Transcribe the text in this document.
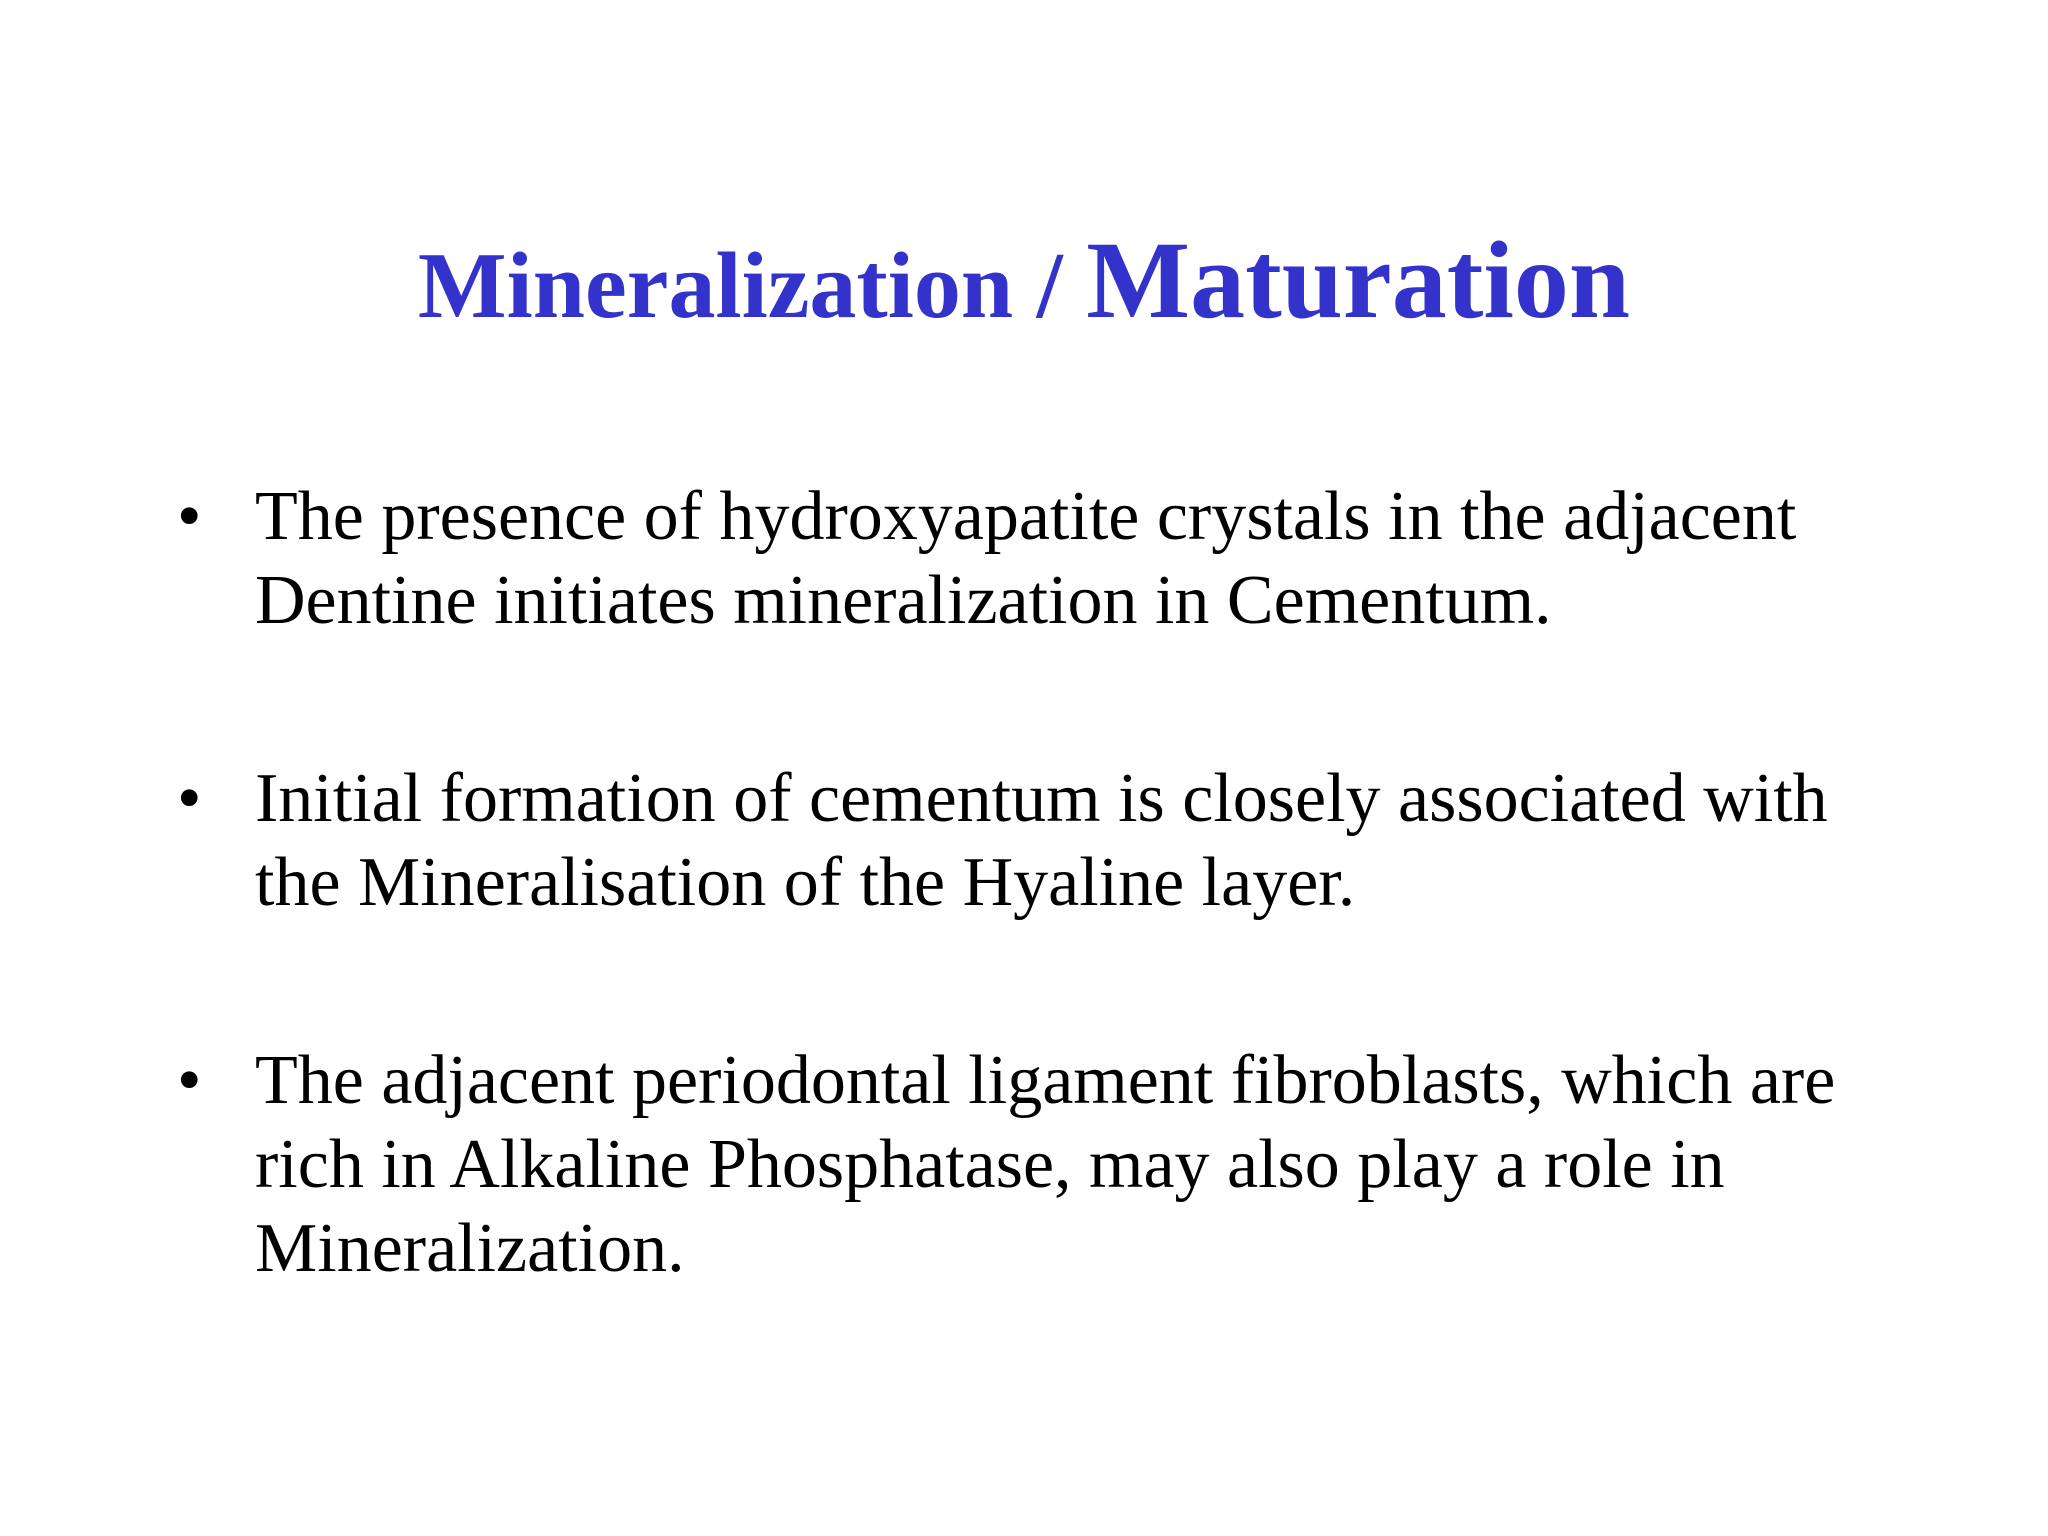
Mineralization / Maturation
• The presence of hydroxyapatite crystals in the adjacent
Dentine initiates mineralization in Cementum.
• Initial formation of cementum is closely associated with
the Mineralisation of the Hyaline layer.
• The adjacent periodontal ligament fibroblasts, which are
rich in Alkaline Phosphatase, may also play a role in
Mineralization.
